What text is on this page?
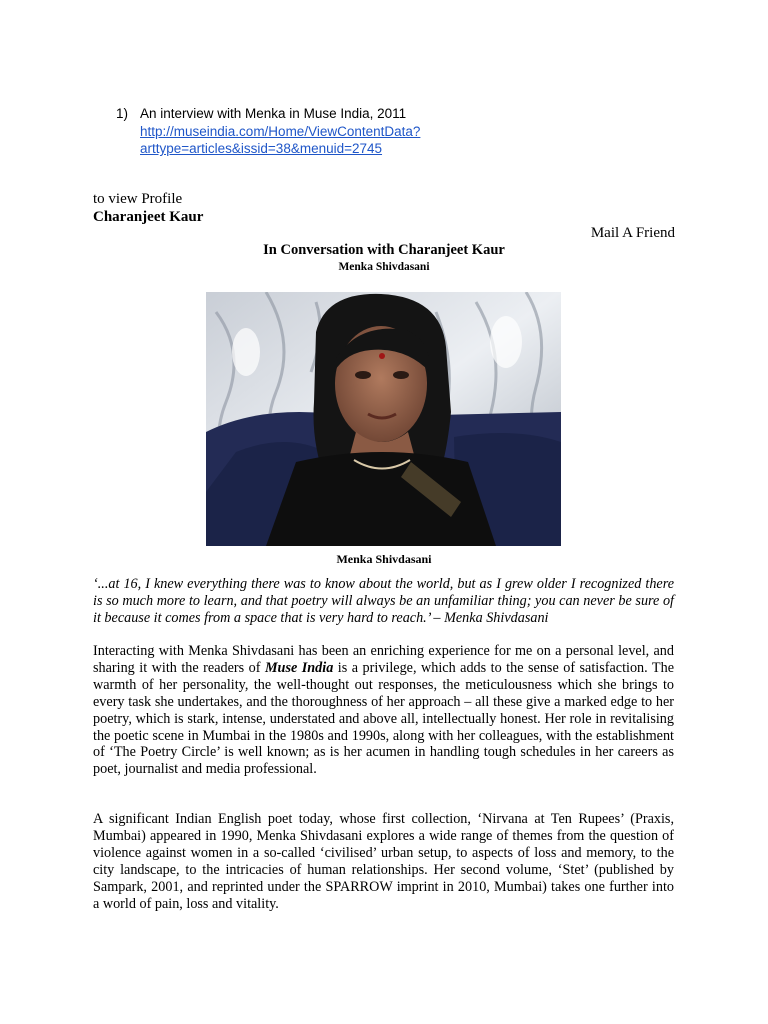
1) An interview with Menka in Muse India, 2011
http://museindia.com/Home/ViewContentData?
arttype=articles&issid=38&menuid=2745
to view Profile
Charanjeet Kaur
Mail A Friend
In Conversation with Charanjeet Kaur
Menka Shivdasani
Menka Shivdasani
‘...at 16, I knew everything there was to know about the world, but as I grew older I recognized there is so much more to learn, and that poetry will always be an unfamiliar thing; you can never be sure of it because it comes from a space that is very hard to reach.’ – Menka Shivdasani
Interacting with Menka Shivdasani has been an enriching experience for me on a personal level, and sharing it with the readers of Muse India is a privilege, which adds to the sense of satisfaction. The warmth of her personality, the well-thought out responses, the meticulousness which she brings to every task she undertakes, and the thoroughness of her approach – all these give a marked edge to her poetry, which is stark, intense, understated and above all, intellectually honest. Her role in revitalising the poetic scene in Mumbai in the 1980s and 1990s, along with her colleagues, with the establishment of ‘The Poetry Circle’ is well known; as is her acumen in handling tough schedules in her careers as poet, journalist and media professional.
A significant Indian English poet today, whose first collection, ‘Nirvana at Ten Rupees’ (Praxis, Mumbai) appeared in 1990, Menka Shivdasani explores a wide range of themes from the question of violence against women in a so-called ‘civilised’ urban setup, to aspects of loss and memory, to the city landscape, to the intricacies of human relationships. Her second volume, ‘Stet’ (published by Sampark, 2001, and reprinted under the SPARROW imprint in 2010, Mumbai) takes one further into a world of pain, loss and vitality.
